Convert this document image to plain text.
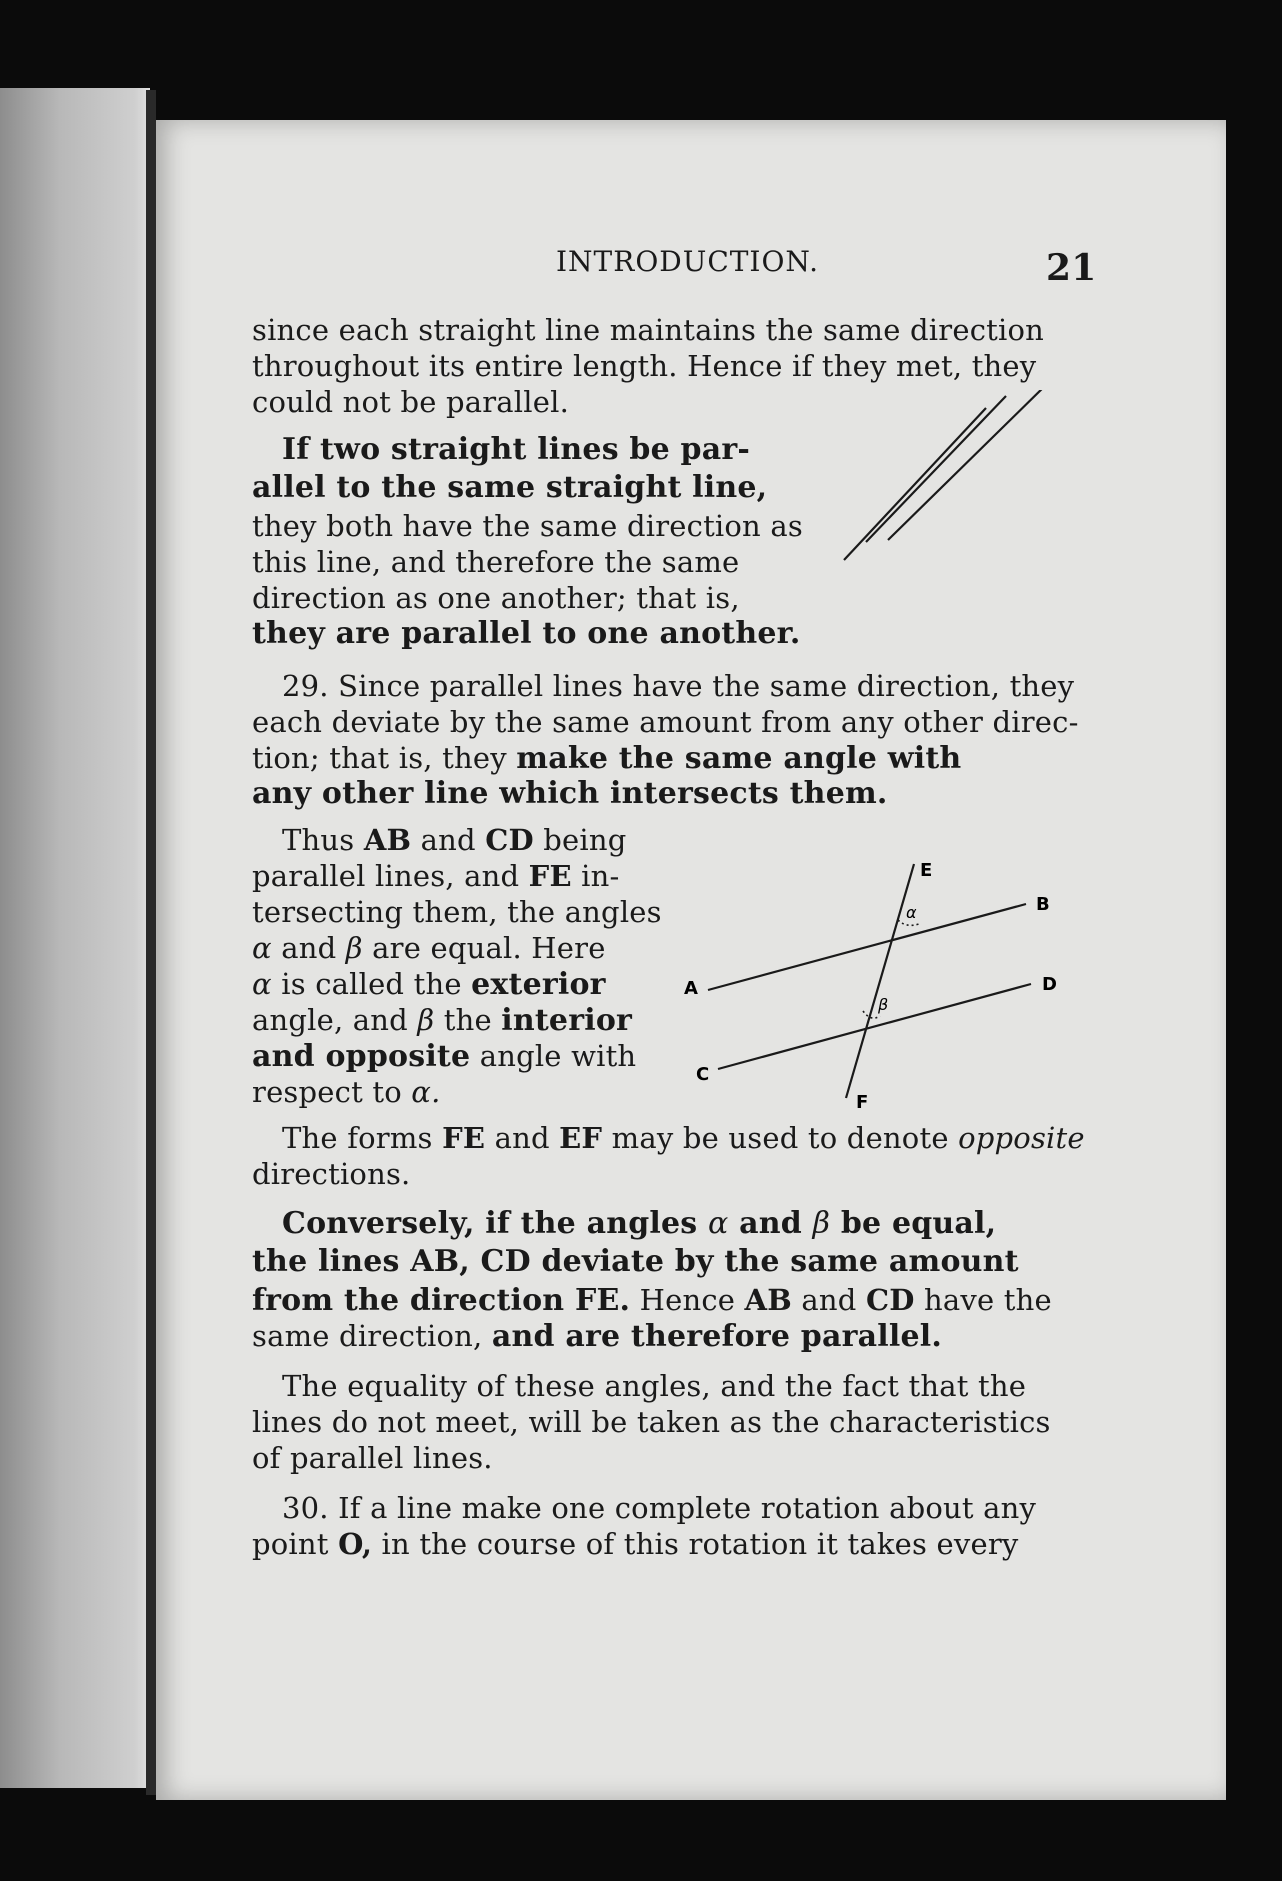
INTRODUCTION.	21
since each straight line maintains the same direction
throughout its entire length. Hence if they met, they
could not be parallel.
If two straight lines be par-
allel to the same straight line,
they both have the same direction as
this line, and therefore the same
direction as one another; that is,
they are parallel to one another.
29. Since parallel lines have the same direction, they
each deviate by the same amount from any other direc-
tion; that is, they make the same angle with
any other line which intersects them.
Thus AB and CD being
parallel lines, and FE in-
tersecting them, the angles
α and β are equal. Here
α is called the exterior
angle, and β the interior
and opposite angle with
respect to α.
E
B
A	D
C
F
α
β
The forms FE and EF may be used to denote opposite
directions.
Conversely, if the angles α and β be equal,
the lines AB, CD deviate by the same amount
from the direction FE. Hence AB and CD have the
same direction, and are therefore parallel.
The equality of these angles, and the fact that the
lines do not meet, will be taken as the characteristics
of parallel lines.
30. If a line make one complete rotation about any
point O, in the course of this rotation it takes every
